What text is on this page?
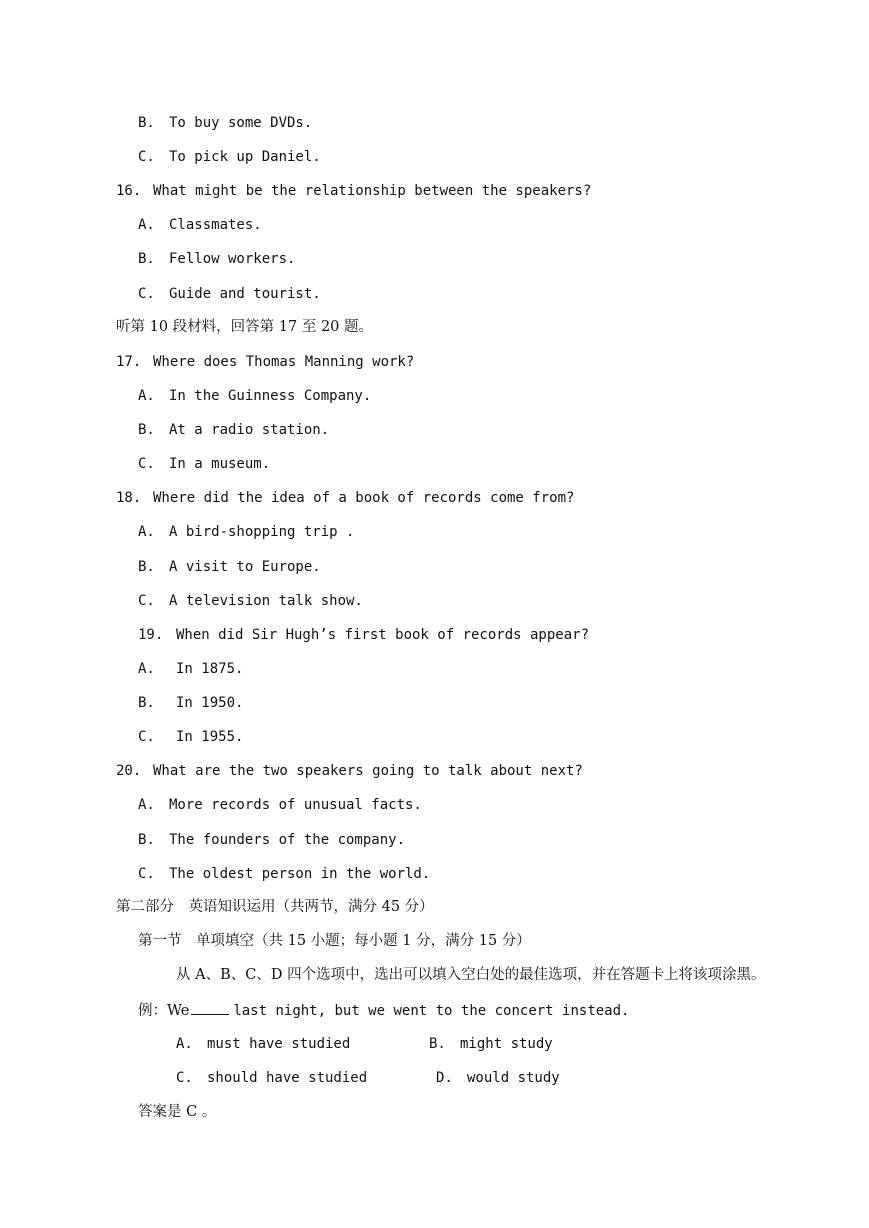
B. To buy some DVDs.
C. To pick up Daniel.
16. What might be the relationship between the speakers?
A. Classmates.
B. Fellow workers.
C. Guide and tourist.
听第 10 段材料，回答第 17 至 20 题。
17. Where does Thomas Manning work?
A. In the Guinness Company.
B. At a radio station.
C. In a museum.
18. Where did the idea of a book of records come from?
A. A bird-shopping trip .
B. A visit to Europe.
C. A television talk show.
19. When did Sir Hugh’s first book of records appear?
A. In 1875.
B. In 1950.
C. In 1955.
20. What are the two speakers going to talk about next?
A. More records of unusual facts.
B. The founders of the company.
C. The oldest person in the world.
第二部分　英语知识运用（共两节，满分 45 分）
第一节　单项填空（共 15 小题；每小题 1 分，满分 15 分）
从 A、B、C、D 四个选项中，选出可以填入空白处的最佳选项，并在答题卡上将该项涂黑。
例：We	last night, but we went to the concert instead.
A. must have studied	B. might study
C. should have studied	D. would study
答案是 C 。
